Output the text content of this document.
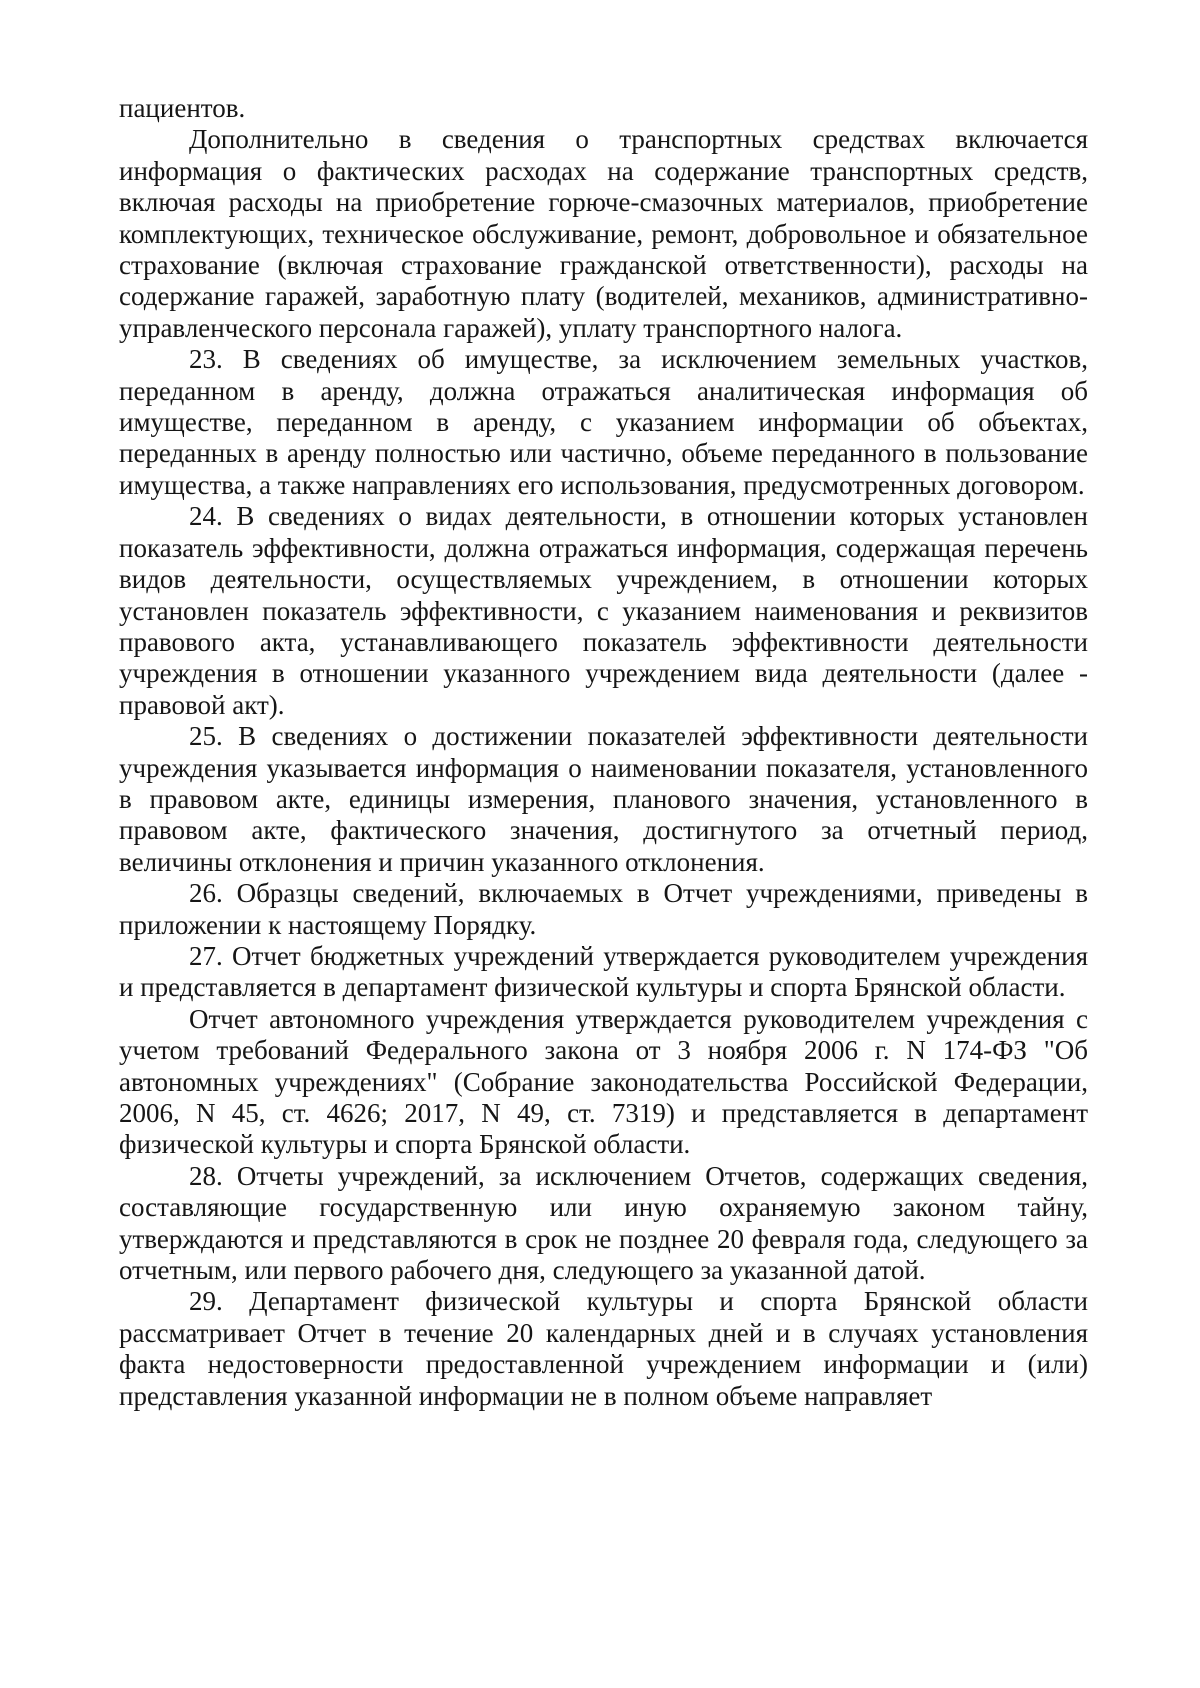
пациентов.

Дополнительно в сведения о транспортных средствах включается информация о фактических расходах на содержание транспортных средств, включая расходы на приобретение горюче-смазочных материалов, приобретение комплектующих, техническое обслуживание, ремонт, добровольное и обязательное страхование (включая страхование гражданской ответственности), расходы на содержание гаражей, заработную плату (водителей, механиков, административно-управленческого персонала гаражей), уплату транспортного налога.

23. В сведениях об имуществе, за исключением земельных участков, переданном в аренду, должна отражаться аналитическая информация об имуществе, переданном в аренду, с указанием информации об объектах, переданных в аренду полностью или частично, объеме переданного в пользование имущества, а также направлениях его использования, предусмотренных договором.

24. В сведениях о видах деятельности, в отношении которых установлен показатель эффективности, должна отражаться информация, содержащая перечень видов деятельности, осуществляемых учреждением, в отношении которых установлен показатель эффективности, с указанием наименования и реквизитов правового акта, устанавливающего показатель эффективности деятельности учреждения в отношении указанного учреждением вида деятельности (далее - правовой акт).

25. В сведениях о достижении показателей эффективности деятельности учреждения указывается информация о наименовании показателя, установленного в правовом акте, единицы измерения, планового значения, установленного в правовом акте, фактического значения, достигнутого за отчетный период, величины отклонения и причин указанного отклонения.

26. Образцы сведений, включаемых в Отчет учреждениями, приведены в приложении к настоящему Порядку.

27. Отчет бюджетных учреждений утверждается руководителем учреждения и представляется в департамент физической культуры и спорта Брянской области.

Отчет автономного учреждения утверждается руководителем учреждения с учетом требований Федерального закона от 3 ноября 2006 г. N 174-ФЗ "Об автономных учреждениях" (Собрание законодательства Российской Федерации, 2006, N 45, ст. 4626; 2017, N 49, ст. 7319) и представляется в департамент физической культуры и спорта Брянской области.

28. Отчеты учреждений, за исключением Отчетов, содержащих сведения, составляющие государственную или иную охраняемую законом тайну, утверждаются и представляются в срок не позднее 20 февраля года, следующего за отчетным, или первого рабочего дня, следующего за указанной датой.

29. Департамент физической культуры и спорта Брянской области рассматривает Отчет в течение 20 календарных дней и в случаях установления факта недостоверности предоставленной учреждением информации и (или) представления указанной информации не в полном объеме направляет
